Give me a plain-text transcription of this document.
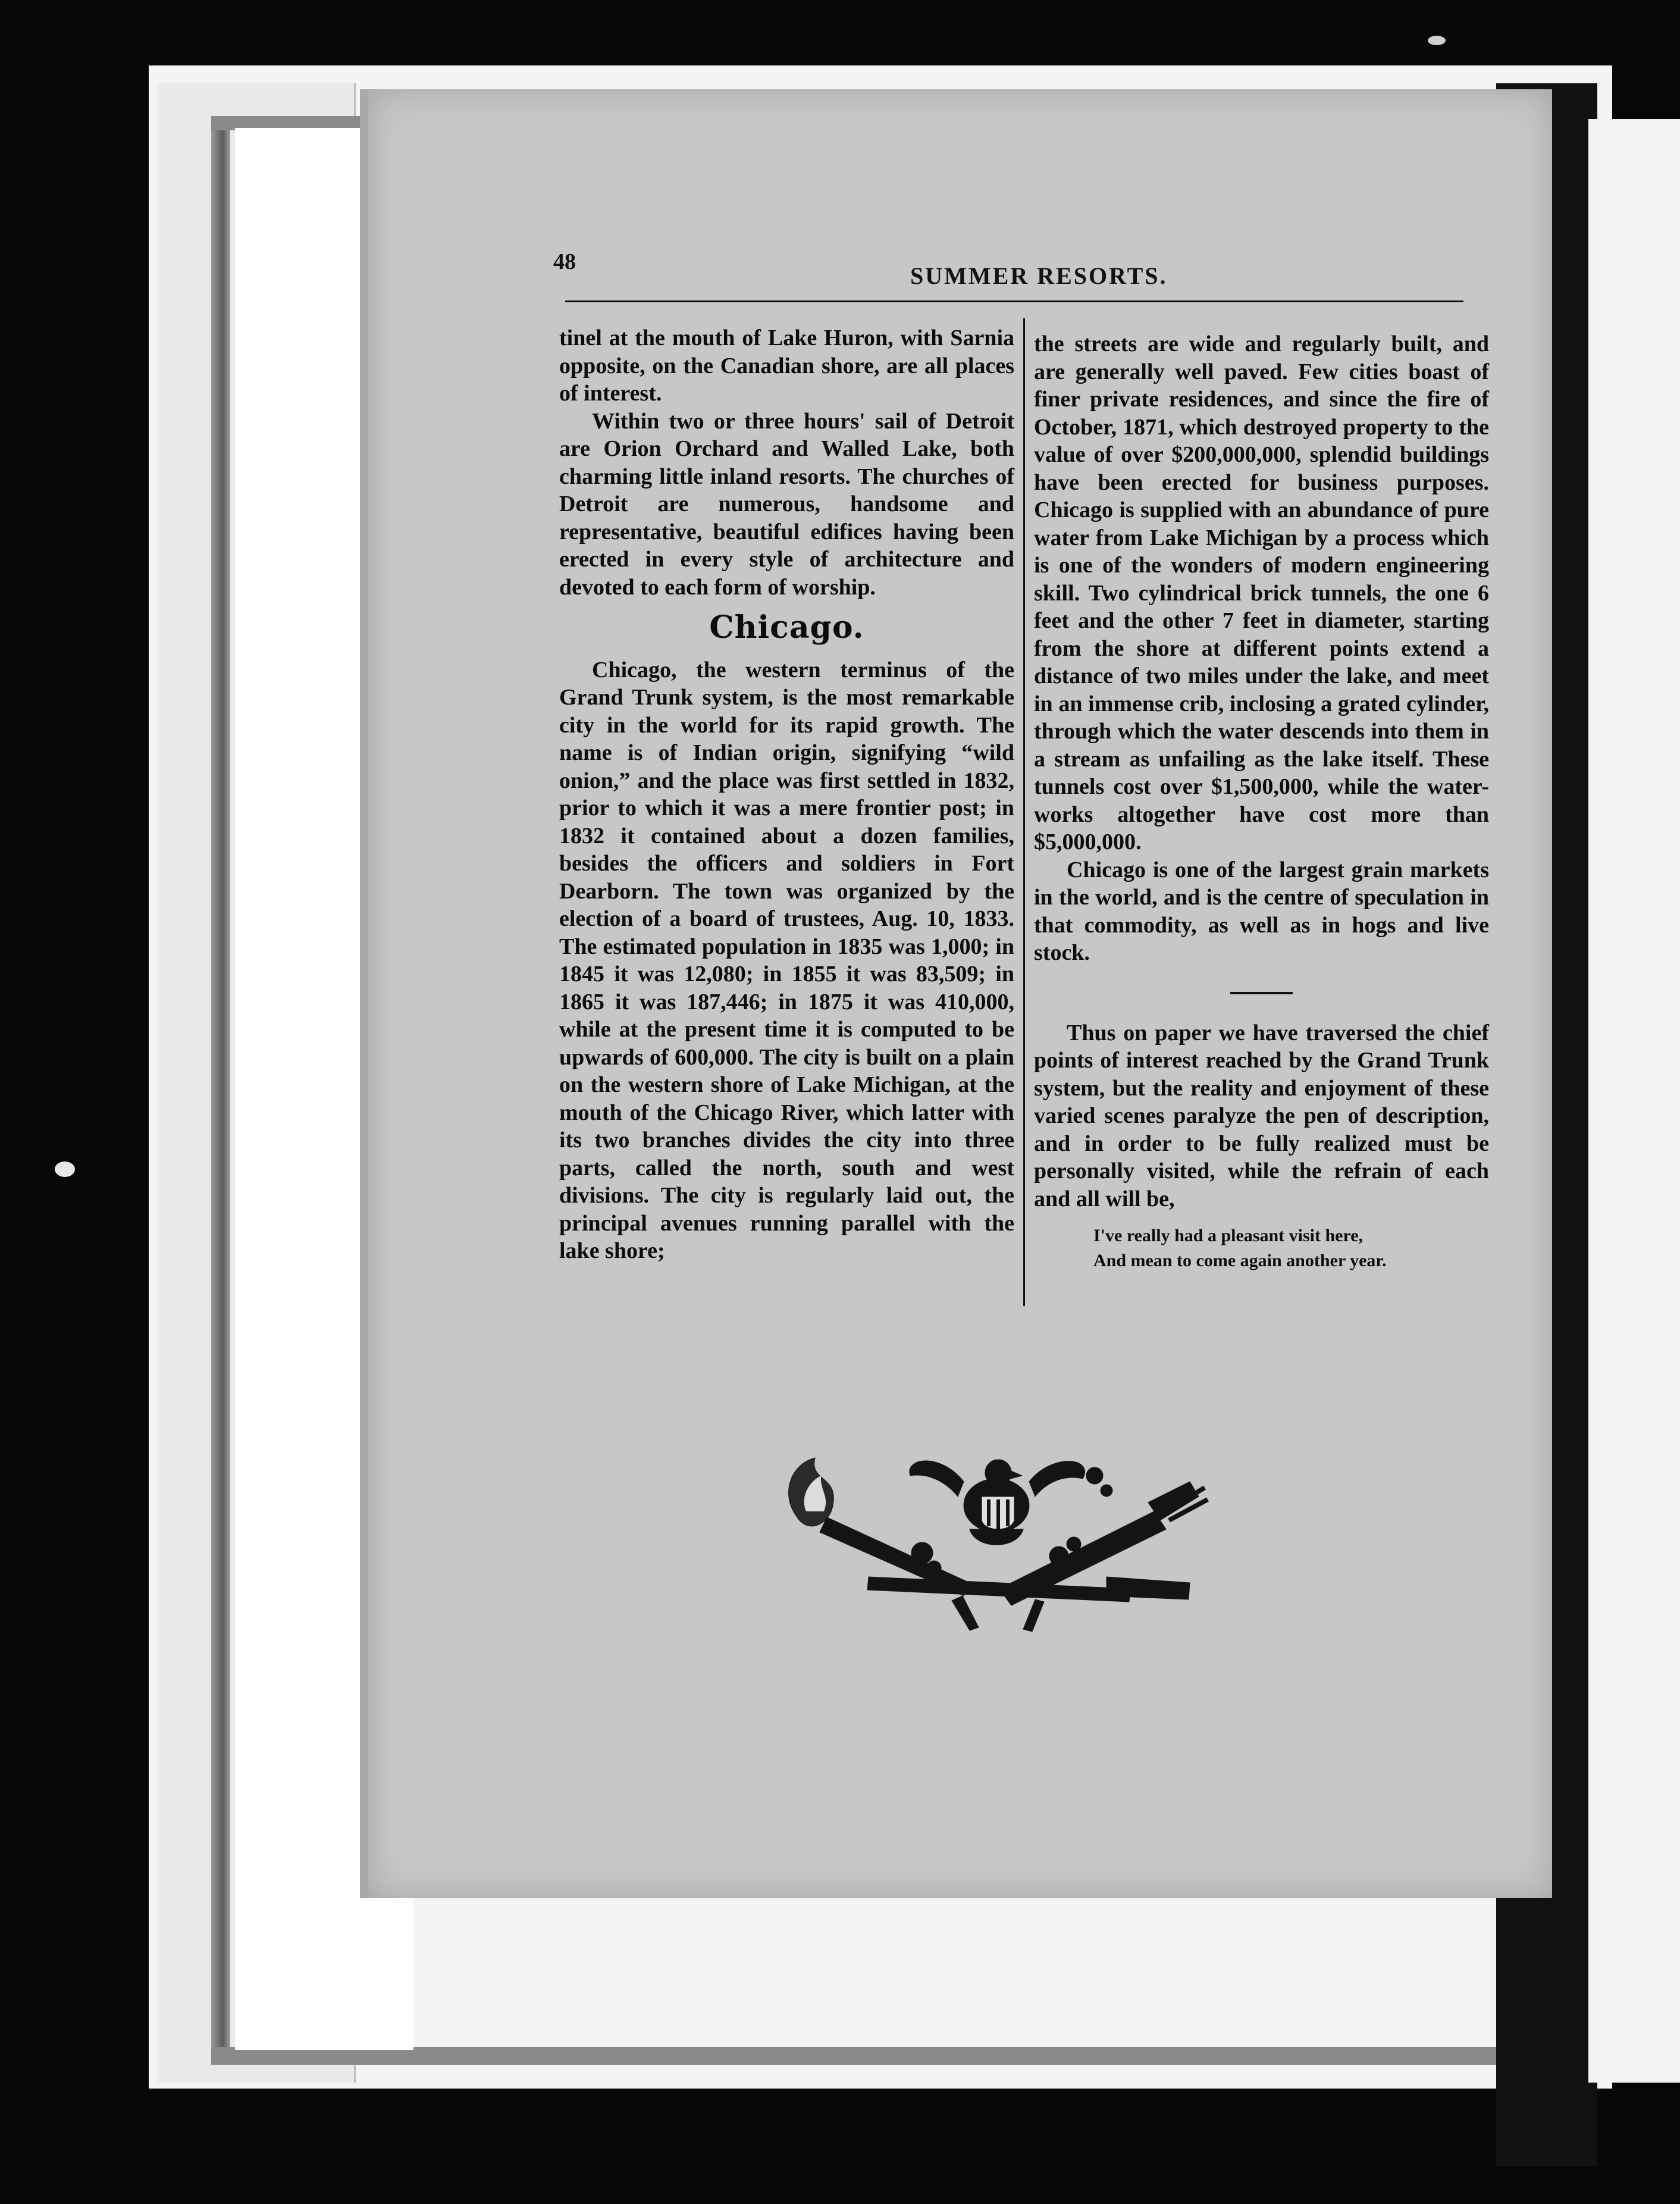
48
SUMMER RESORTS.

tinel at the mouth of Lake Huron, with Sarnia opposite, on the Canadian shore, are all places of interest.

Within two or three hours' sail of Detroit are Orion Orchard and Walled Lake, both charming little inland resorts. The churches of Detroit are numerous, handsome and representative, beautiful edifices having been erected in every style of architecture and devoted to each form of worship.

Chicago.

Chicago, the western terminus of the Grand Trunk system, is the most remarkable city in the world for its rapid growth. The name is of Indian origin, signifying “wild onion,” and the place was first settled in 1832, prior to which it was a mere frontier post; in 1832 it contained about a dozen families, besides the officers and soldiers in Fort Dearborn. The town was organized by the election of a board of trustees, Aug. 10, 1833. The estimated population in 1835 was 1,000; in 1845 it was 12,080; in 1855 it was 83,509; in 1865 it was 187,446; in 1875 it was 410,000, while at the present time it is computed to be upwards of 600,000. The city is built on a plain on the western shore of Lake Michigan, at the mouth of the Chicago River, which latter with its two branches divides the city into three parts, called the north, south and west divisions. The city is regularly laid out, the principal avenues running parallel with the lake shore;

the streets are wide and regularly built, and are generally well paved. Few cities boast of finer private residences, and since the fire of October, 1871, which destroyed property to the value of over $200,000,000, splendid buildings have been erected for business purposes. Chicago is supplied with an abundance of pure water from Lake Michigan by a process which is one of the wonders of modern engineering skill. Two cylindrical brick tunnels, the one 6 feet and the other 7 feet in diameter, starting from the shore at different points extend a distance of two miles under the lake, and meet in an immense crib, inclosing a grated cylinder, through which the water descends into them in a stream as unfailing as the lake itself. These tunnels cost over $1,500,000, while the water-works altogether have cost more than $5,000,000.

Chicago is one of the largest grain markets in the world, and is the centre of speculation in that commodity, as well as in hogs and live stock.

Thus on paper we have traversed the chief points of interest reached by the Grand Trunk system, but the reality and enjoyment of these varied scenes paralyze the pen of description, and in order to be fully realized must be personally visited, while the refrain of each and all will be,

I've really had a pleasant visit here,
And mean to come again another year.
